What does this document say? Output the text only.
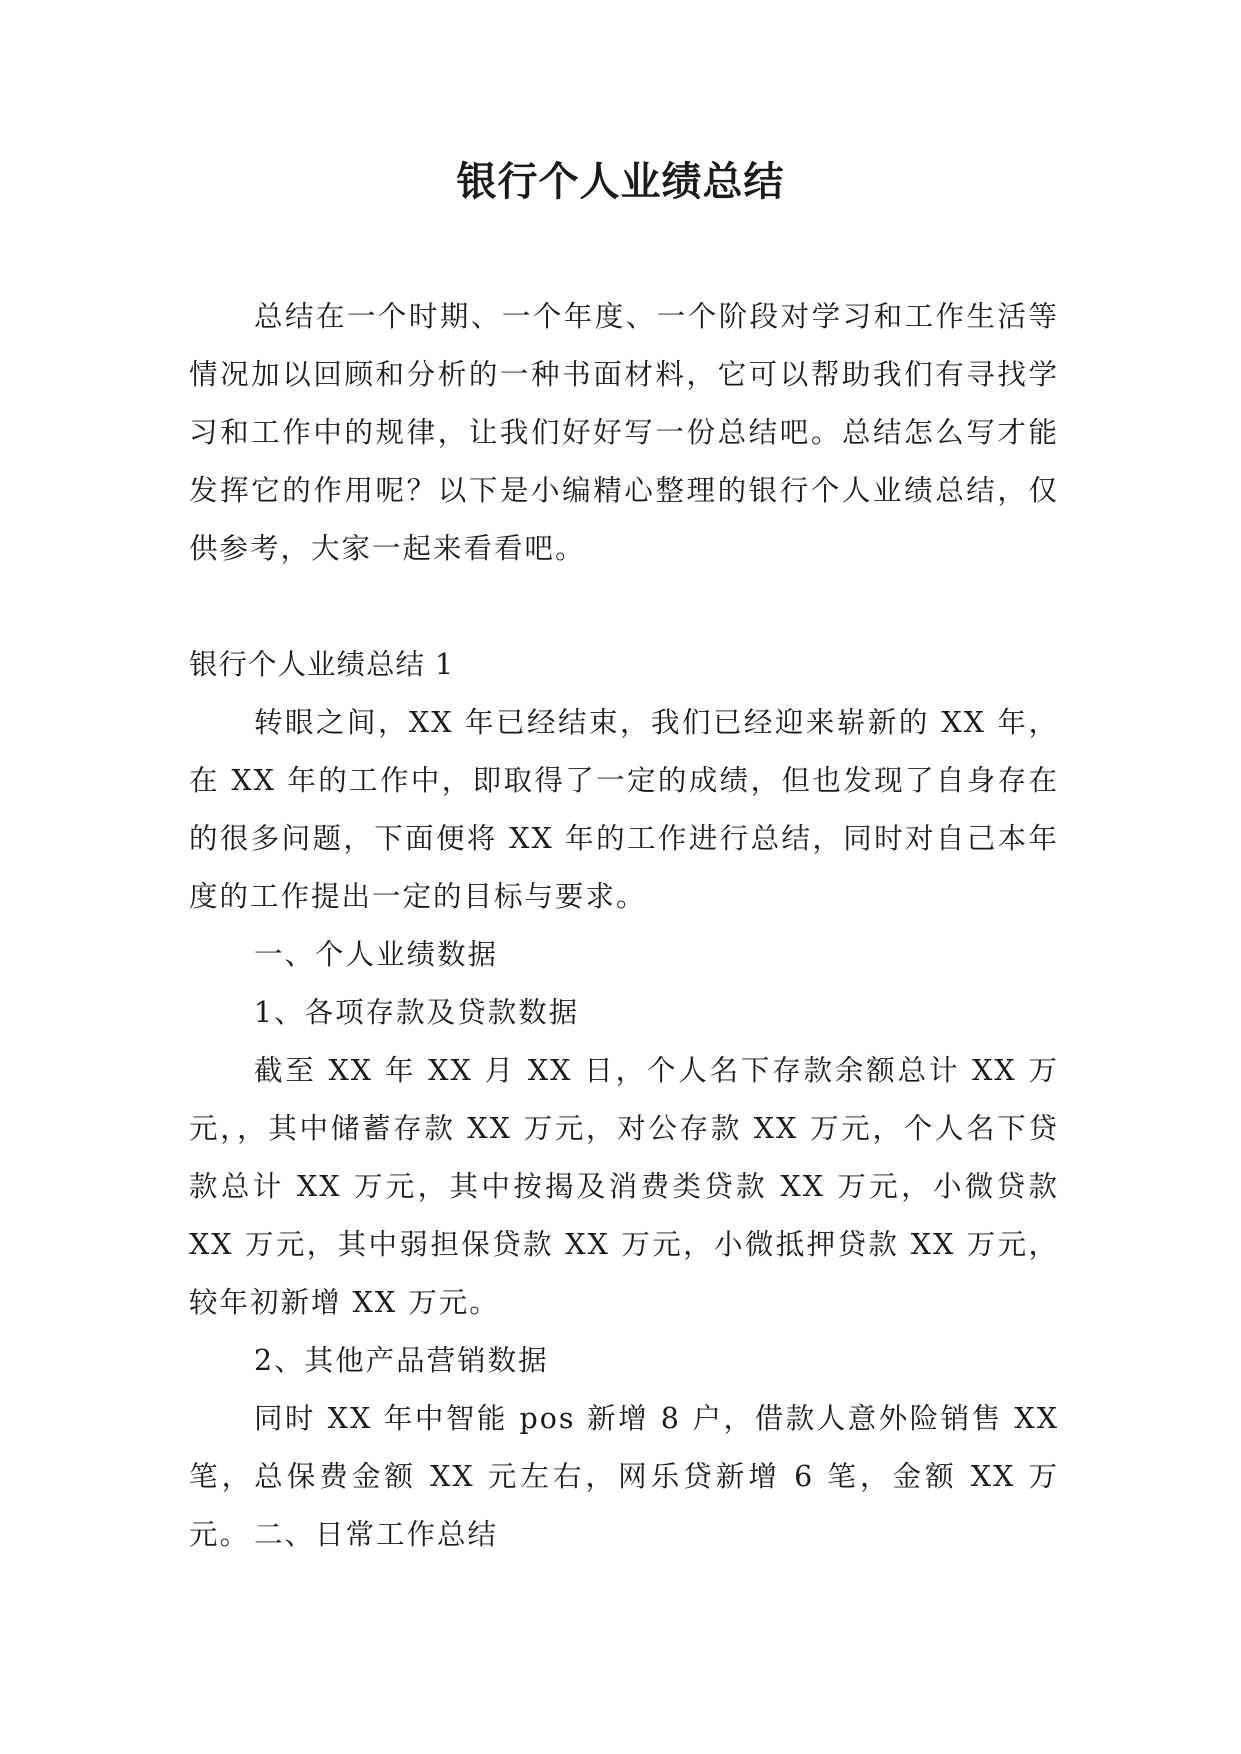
银行个人业绩总结

总结在一个时期、一个年度、一个阶段对学习和工作生活等情况加以回顾和分析的一种书面材料，它可以帮助我们有寻找学习和工作中的规律，让我们好好写一份总结吧。总结怎么写才能发挥它的作用呢？以下是小编精心整理的银行个人业绩总结，仅供参考，大家一起来看看吧。

银行个人业绩总结 1

转眼之间，XX 年已经结束，我们已经迎来崭新的 XX 年，在 XX 年的工作中，即取得了一定的成绩，但也发现了自身存在的很多问题，下面便将 XX 年的工作进行总结，同时对自己本年度的工作提出一定的目标与要求。

一、个人业绩数据

1、各项存款及贷款数据

截至 XX 年 XX 月 XX 日，个人名下存款余额总计 XX 万元，，其中储蓄存款 XX 万元，对公存款 XX 万元，个人名下贷款总计 XX 万元，其中按揭及消费类贷款 XX 万元，小微贷款 XX 万元，其中弱担保贷款 XX 万元，小微抵押贷款 XX 万元，较年初新增 XX 万元。

2、其他产品营销数据

同时 XX 年中智能 pos 新增 8 户，借款人意外险销售 XX 笔，总保费金额 XX 元左右，网乐贷新增 6 笔，金额 XX 万元。 二、日常工作总结
